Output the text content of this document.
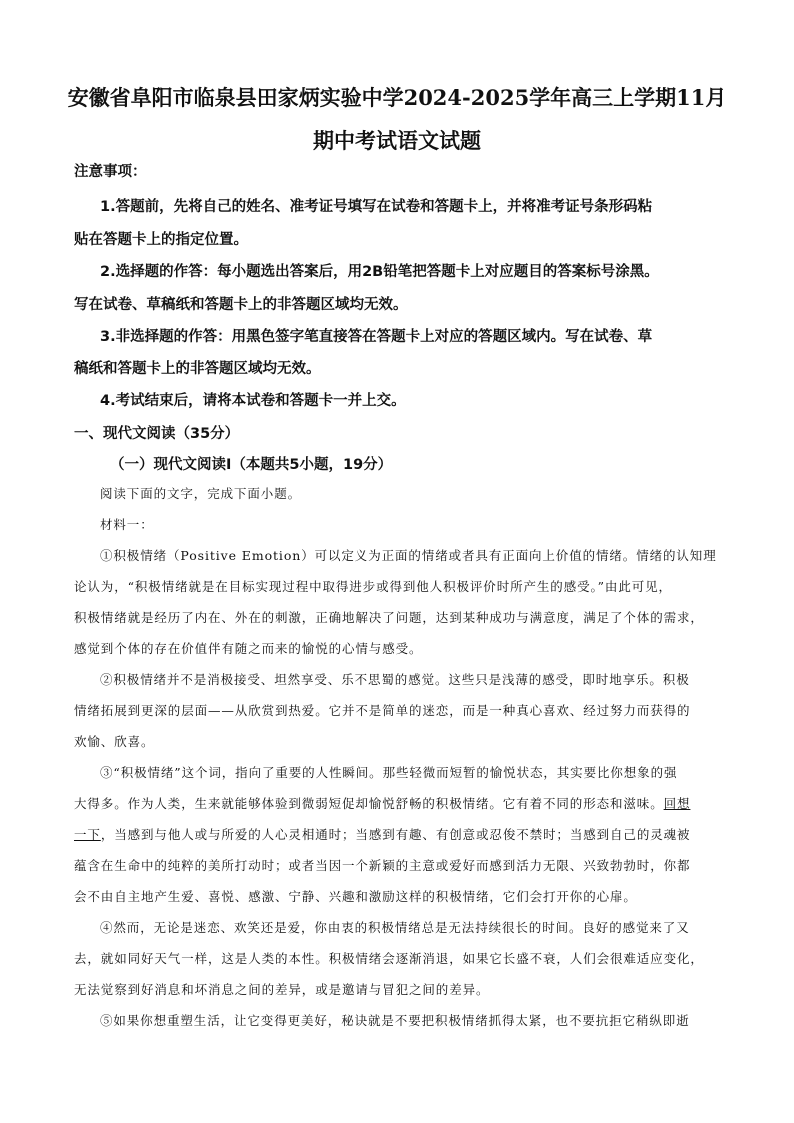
安徽省阜阳市临泉县田家炳实验中学2024-2025学年高三上学期11月
期中考试语文试题
注意事项：
1.答题前，先将自己的姓名、准考证号填写在试卷和答题卡上，并将准考证号条形码粘
贴在答题卡上的指定位置。
2.选择题的作答：每小题选出答案后，用2B铅笔把答题卡上对应题目的答案标号涂黑。
写在试卷、草稿纸和答题卡上的非答题区域均无效。
3.非选择题的作答：用黑色签字笔直接答在答题卡上对应的答题区域内。写在试卷、草
稿纸和答题卡上的非答题区域均无效。
4.考试结束后，请将本试卷和答题卡一并上交。
一、现代文阅读（35分）
（一）现代文阅读Ⅰ（本题共5小题，19分）
阅读下面的文字，完成下面小题。
材料一：
①积极情绪（Positive Emotion）可以定义为正面的情绪或者具有正面向上价值的情绪。情绪的认知理
论认为，“积极情绪就是在目标实现过程中取得进步或得到他人积极评价时所产生的感受。”由此可见，
积极情绪就是经历了内在、外在的刺激，正确地解决了问题，达到某种成功与满意度，满足了个体的需求，
感觉到个体的存在价值伴有随之而来的愉悦的心情与感受。
②积极情绪并不是消极接受、坦然享受、乐不思蜀的感觉。这些只是浅薄的感受，即时地享乐。积极
情绪拓展到更深的层面——从欣赏到热爱。它并不是简单的迷恋，而是一种真心喜欢、经过努力而获得的
欢愉、欣喜。
③“积极情绪”这个词，指向了重要的人性瞬间。那些轻微而短暂的愉悦状态，其实要比你想象的强
大得多。作为人类，生来就能够体验到微弱短促却愉悦舒畅的积极情绪。它有着不同的形态和滋味。回想
一下，当感到与他人或与所爱的人心灵相通时；当感到有趣、有创意或忍俊不禁时；当感到自己的灵魂被
蕴含在生命中的纯粹的美所打动时；或者当因一个新颖的主意或爱好而感到活力无限、兴致勃勃时，你都
会不由自主地产生爱、喜悦、感激、宁静、兴趣和激励这样的积极情绪，它们会打开你的心扉。
④然而，无论是迷恋、欢笑还是爱，你由衷的积极情绪总是无法持续很长的时间。良好的感觉来了又
去，就如同好天气一样，这是人类的本性。积极情绪会逐渐消退，如果它长盛不衰，人们会很难适应变化，
无法觉察到好消息和坏消息之间的差异，或是邀请与冒犯之间的差异。
⑤如果你想重塑生活，让它变得更美好，秘诀就是不要把积极情绪抓得太紧，也不要抗拒它稍纵即逝
